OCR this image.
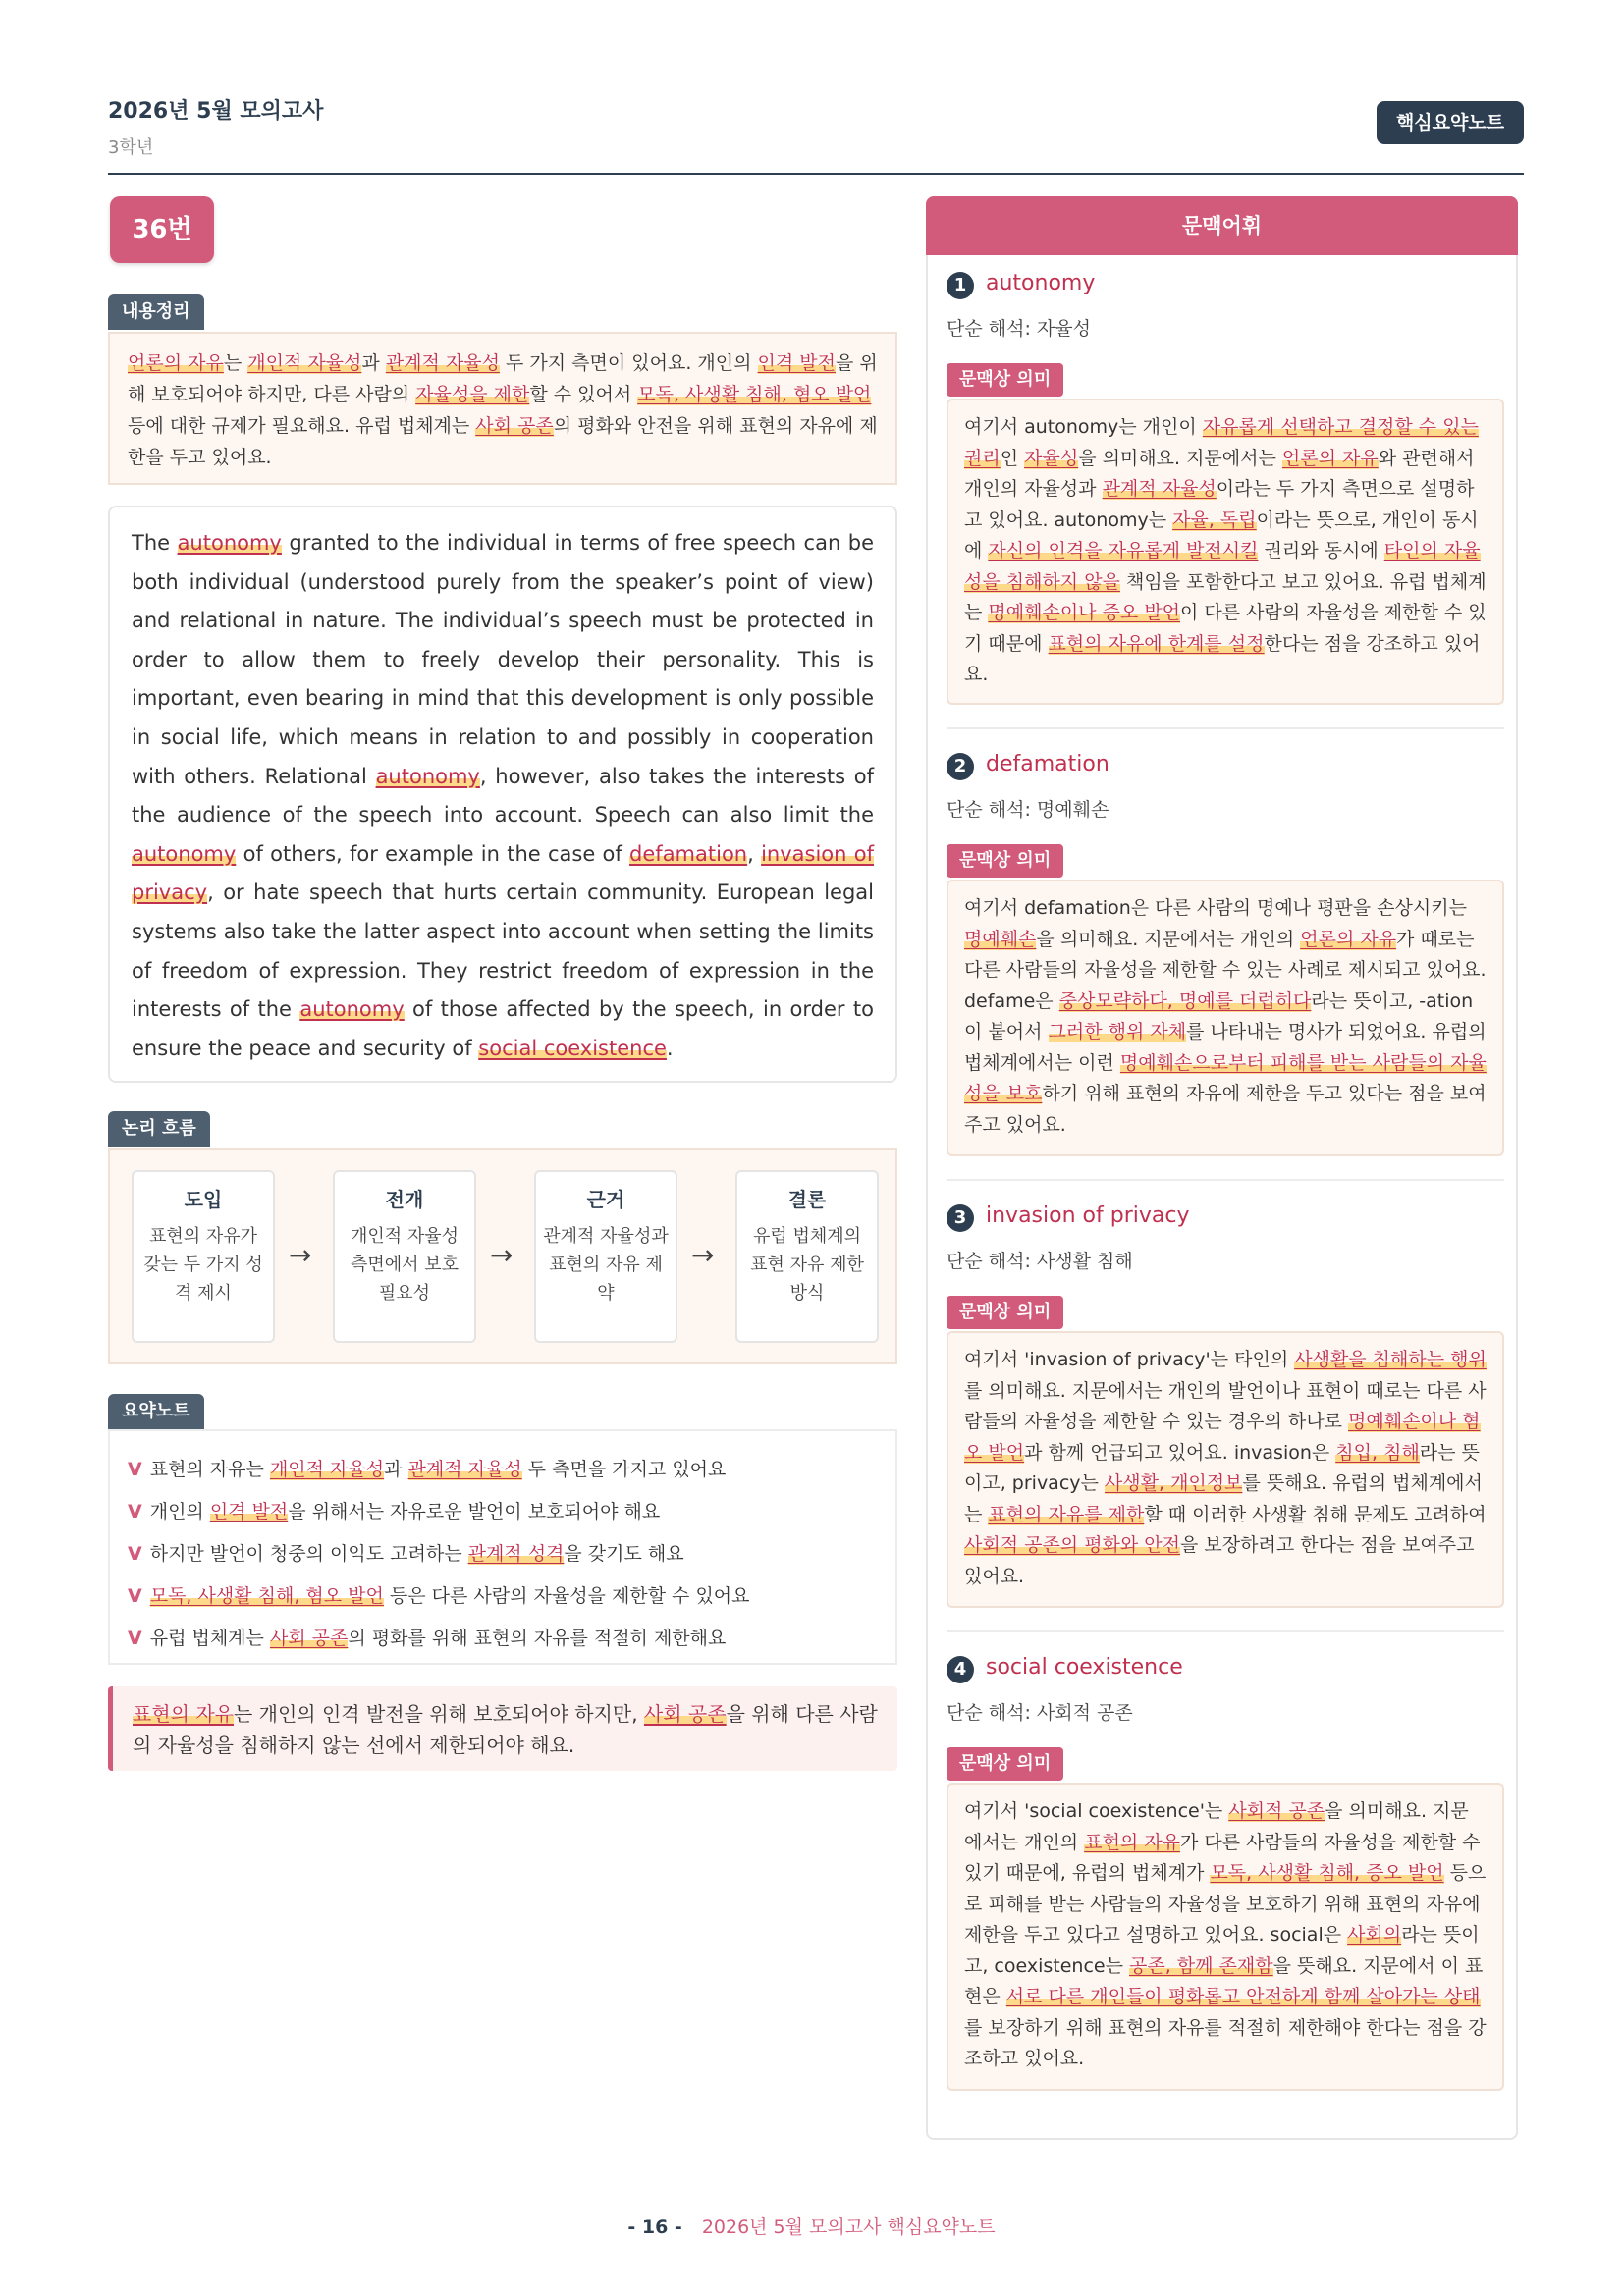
2026년 5월 모의고사
3학년
핵심요약노트
36번
내용정리
언론의 자유는 개인적 자율성과 관계적 자율성 두 가지 측면이 있어요. 개인의 인격 발전을 위해 보호되어야 하지만, 다른 사람의 자율성을 제한할 수 있어서 모독, 사생활 침해, 혐오 발언 등에 대한 규제가 필요해요. 유럽 법체계는 사회 공존의 평화와 안전을 위해 표현의 자유에 제한을 두고 있어요.
The autonomy granted to the individual in terms of free speech can be both individual (understood purely from the speaker’s point of view) and relational in nature. The individual’s speech must be protected in order to allow them to freely develop their personality. This is important, even bearing in mind that this development is only possible in social life, which means in relation to and possibly in cooperation with others. Relational autonomy, however, also takes the interests of the audience of the speech into account. Speech can also limit the autonomy of others, for example in the case of defamation, invasion of privacy, or hate speech that hurts certain community. European legal systems also take the latter aspect into account when setting the limits of freedom of expression. They restrict freedom of expression in the interests of the autonomy of those affected by the speech, in order to ensure the peace and security of social coexistence.
논리 흐름
도입
표현의 자유가 갖는 두 가지 성격 제시
→
전개
개인적 자율성 측면에서 보호 필요성
→
근거
관계적 자율성과 표현의 자유 제약
→
결론
유럽 법체계의 표현 자유 제한 방식
요약노트
V 표현의 자유는 개인적 자율성과 관계적 자율성 두 측면을 가지고 있어요
V 개인의 인격 발전을 위해서는 자유로운 발언이 보호되어야 해요
V 하지만 발언이 청중의 이익도 고려하는 관계적 성격을 갖기도 해요
V 모독, 사생활 침해, 혐오 발언 등은 다른 사람의 자율성을 제한할 수 있어요
V 유럽 법체계는 사회 공존의 평화를 위해 표현의 자유를 적절히 제한해요
표현의 자유는 개인의 인격 발전을 위해 보호되어야 하지만, 사회 공존을 위해 다른 사람의 자율성을 침해하지 않는 선에서 제한되어야 해요.
문맥어휘
1 autonomy
단순 해석: 자율성
문맥상 의미
여기서 autonomy는 개인이 자유롭게 선택하고 결정할 수 있는 권리인 자율성을 의미해요. 지문에서는 언론의 자유와 관련해서 개인의 자율성과 관계적 자율성이라는 두 가지 측면으로 설명하고 있어요. autonomy는 자율, 독립이라는 뜻으로, 개인이 동시에 자신의 인격을 자유롭게 발전시킬 권리와 동시에 타인의 자율성을 침해하지 않을 책임을 포함한다고 보고 있어요. 유럽 법체계는 명예훼손이나 증오 발언이 다른 사람의 자율성을 제한할 수 있기 때문에 표현의 자유에 한계를 설정한다는 점을 강조하고 있어요.
2 defamation
단순 해석: 명예훼손
문맥상 의미
여기서 defamation은 다른 사람의 명예나 평판을 손상시키는 명예훼손을 의미해요. 지문에서는 개인의 언론의 자유가 때로는 다른 사람들의 자율성을 제한할 수 있는 사례로 제시되고 있어요. defame은 중상모략하다, 명예를 더럽히다라는 뜻이고, -ation이 붙어서 그러한 행위 자체를 나타내는 명사가 되었어요. 유럽의 법체계에서는 이런 명예훼손으로부터 피해를 받는 사람들의 자율성을 보호하기 위해 표현의 자유에 제한을 두고 있다는 점을 보여주고 있어요.
3 invasion of privacy
단순 해석: 사생활 침해
문맥상 의미
여기서 'invasion of privacy'는 타인의 사생활을 침해하는 행위를 의미해요. 지문에서는 개인의 발언이나 표현이 때로는 다른 사람들의 자율성을 제한할 수 있는 경우의 하나로 명예훼손이나 혐오 발언과 함께 언급되고 있어요. invasion은 침입, 침해라는 뜻이고, privacy는 사생활, 개인정보를 뜻해요. 유럽의 법체계에서는 표현의 자유를 제한할 때 이러한 사생활 침해 문제도 고려하여 사회적 공존의 평화와 안전을 보장하려고 한다는 점을 보여주고 있어요.
4 social coexistence
단순 해석: 사회적 공존
문맥상 의미
여기서 'social coexistence'는 사회적 공존을 의미해요. 지문에서는 개인의 표현의 자유가 다른 사람들의 자율성을 제한할 수 있기 때문에, 유럽의 법체계가 모독, 사생활 침해, 증오 발언 등으로 피해를 받는 사람들의 자율성을 보호하기 위해 표현의 자유에 제한을 두고 있다고 설명하고 있어요. social은 사회의라는 뜻이고, coexistence는 공존, 함께 존재함을 뜻해요. 지문에서 이 표현은 서로 다른 개인들이 평화롭고 안전하게 함께 살아가는 상태를 보장하기 위해 표현의 자유를 적절히 제한해야 한다는 점을 강조하고 있어요.
- 16 - 2026년 5월 모의고사 핵심요약노트
